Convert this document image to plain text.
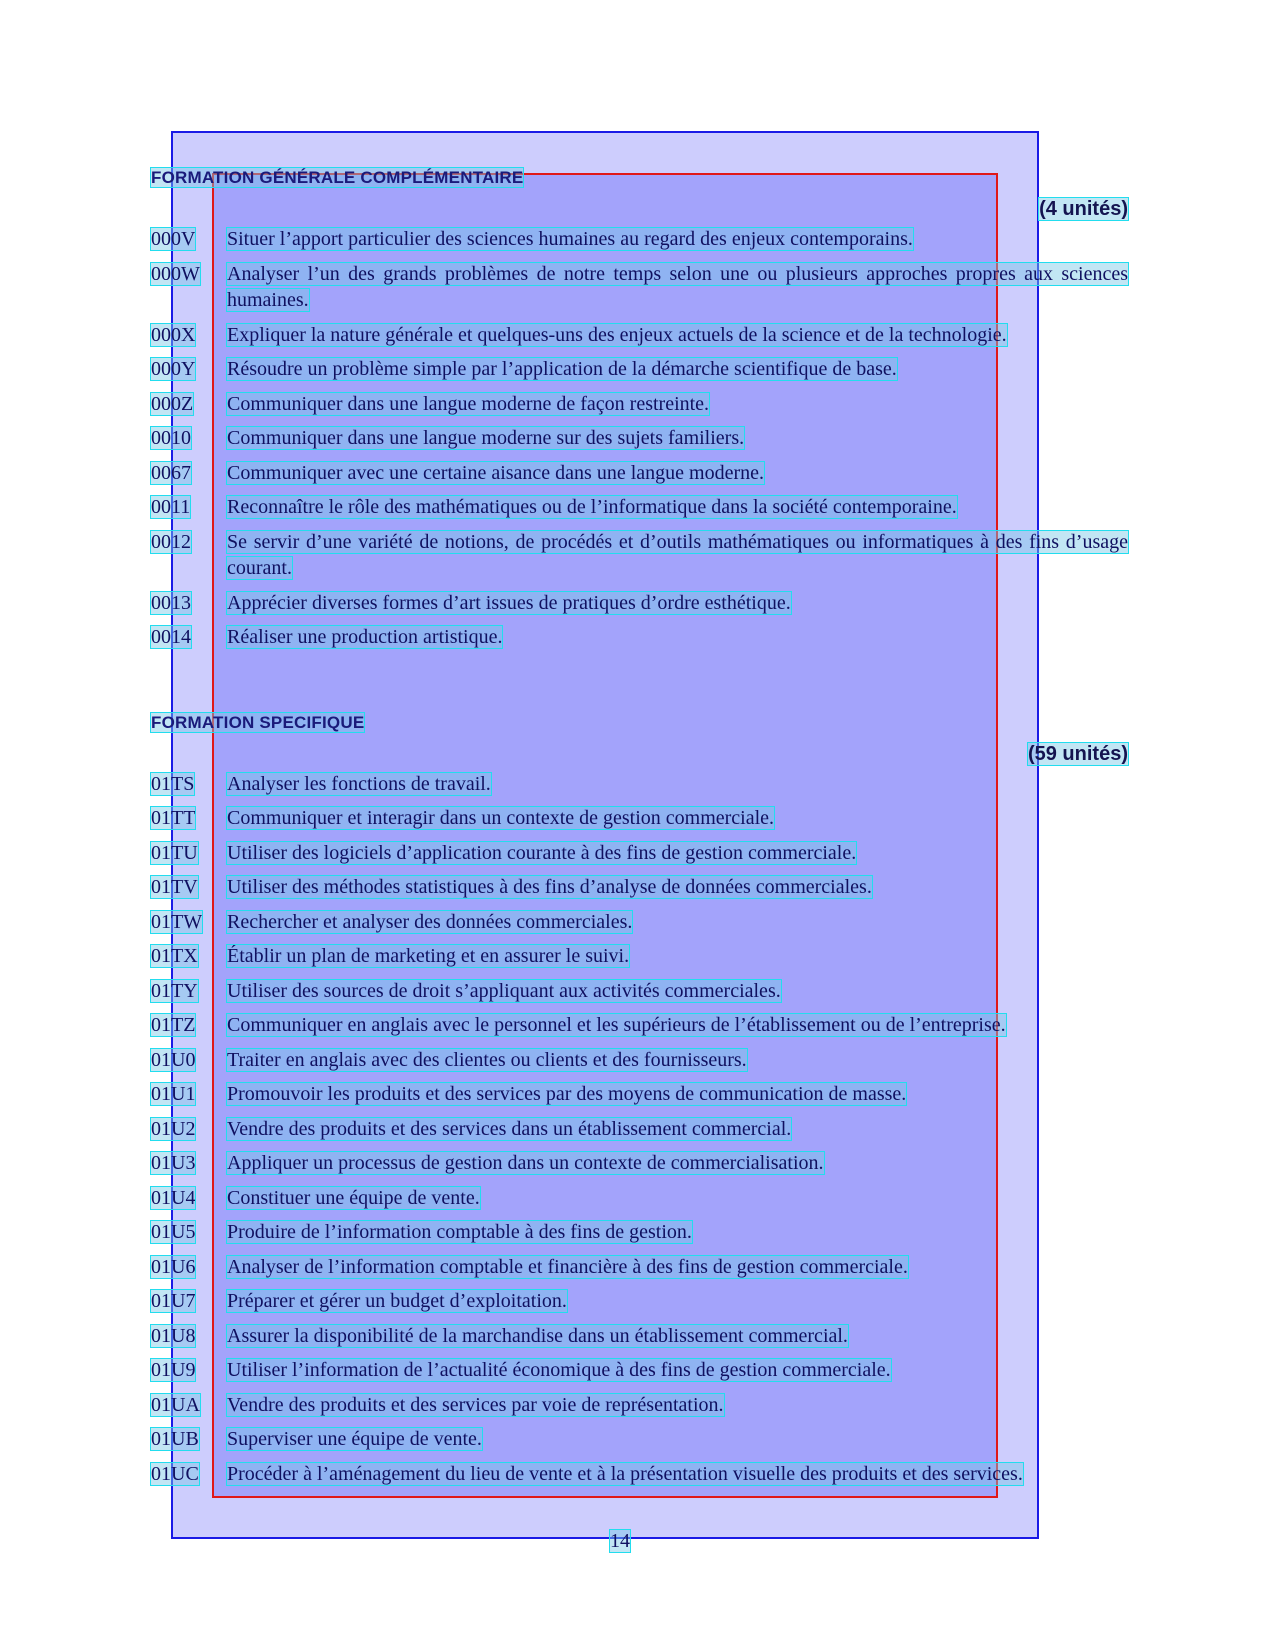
FORMATION GÉNÉRALE COMPLÉMENTAIRE
(4 unités)
000V	Situer l’apport particulier des sciences humaines au regard des enjeux contemporains.
000W	Analyser l’un des grands problèmes de notre temps selon une ou plusieurs approches propres aux sciences humaines.
000X	Expliquer la nature générale et quelques-uns des enjeux actuels de la science et de la technologie.
000Y	Résoudre un problème simple par l’application de la démarche scientifique de base.
000Z	Communiquer dans une langue moderne de façon restreinte.
0010	Communiquer dans une langue moderne sur des sujets familiers.
0067	Communiquer avec une certaine aisance dans une langue moderne.
0011	Reconnaître le rôle des mathématiques ou de l’informatique dans la société contemporaine.
0012	Se servir d’une variété de notions, de procédés et d’outils mathématiques ou informatiques à des fins d’usage courant.
0013	Apprécier diverses formes d’art issues de pratiques d’ordre esthétique.
0014	Réaliser une production artistique.
FORMATION SPECIFIQUE
(59 unités)
01TS	Analyser les fonctions de travail.
01TT	Communiquer et interagir dans un contexte de gestion commerciale.
01TU	Utiliser des logiciels d’application courante à des fins de gestion commerciale.
01TV	Utiliser des méthodes statistiques à des fins d’analyse de données commerciales.
01TW	Rechercher et analyser des données commerciales.
01TX	Établir un plan de marketing et en assurer le suivi.
01TY	Utiliser des sources de droit s’appliquant aux activités commerciales.
01TZ	Communiquer en anglais avec le personnel et les supérieurs de l’établissement ou de l’entreprise.
01U0	Traiter en anglais avec des clientes ou clients et des fournisseurs.
01U1	Promouvoir les produits et des services par des moyens de communication de masse.
01U2	Vendre des produits et des services dans un établissement commercial.
01U3	Appliquer un processus de gestion dans un contexte de commercialisation.
01U4	Constituer une équipe de vente.
01U5	Produire de l’information comptable à des fins de gestion.
01U6	Analyser de l’information comptable et financière à des fins de gestion commerciale.
01U7	Préparer et gérer un budget d’exploitation.
01U8	Assurer la disponibilité de la marchandise dans un établissement commercial.
01U9	Utiliser l’information de l’actualité économique à des fins de gestion commerciale.
01UA	Vendre des produits et des services par voie de représentation.
01UB	Superviser une équipe de vente.
01UC	Procéder à l’aménagement du lieu de vente et à la présentation visuelle des produits et des services.
14
